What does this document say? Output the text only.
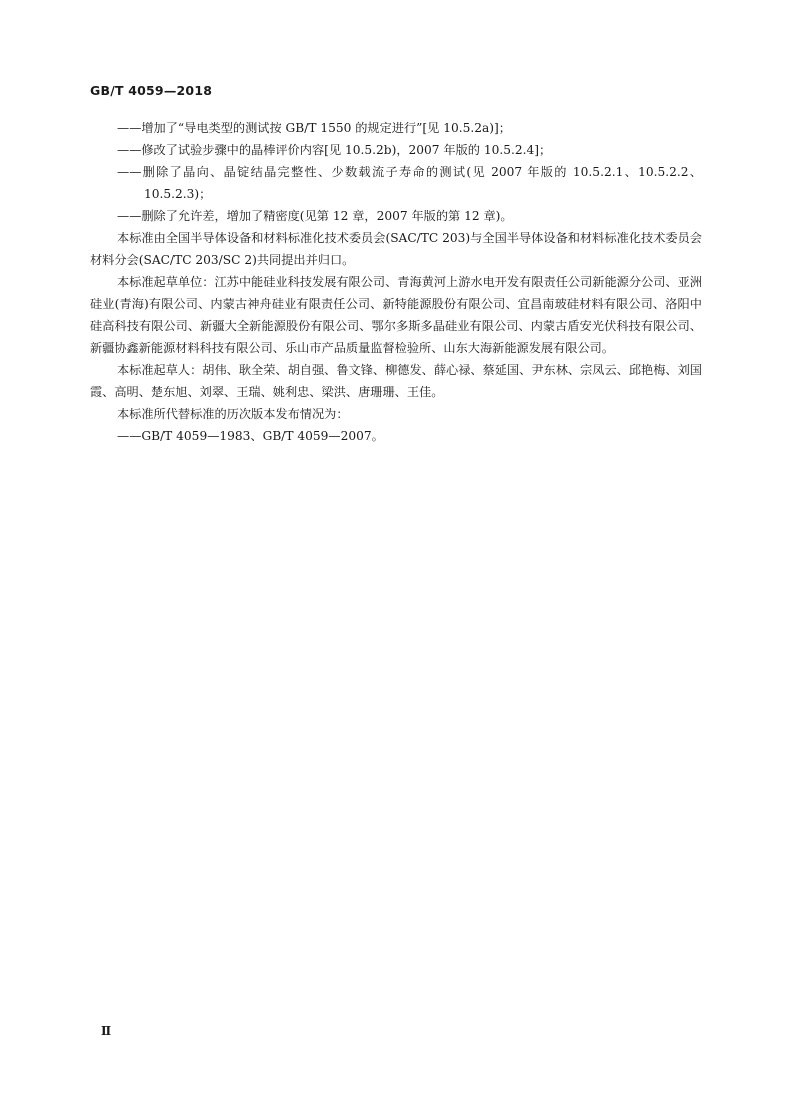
GB/T 4059—2018

——增加了“导电类型的测试按 GB/T 1550 的规定进行”[见 10.5.2a)]；

——修改了试验步骤中的晶棒评价内容[见 10.5.2b)，2007 年版的 10.5.2.4]；

——删除了晶向、晶锭结晶完整性、少数载流子寿命的测试(见 2007 年版的 10.5.2.1、10.5.2.2、10.5.2.3)；

——删除了允许差，增加了精密度(见第 12 章，2007 年版的第 12 章)。

本标准由全国半导体设备和材料标准化技术委员会(SAC/TC 203)与全国半导体设备和材料标准化技术委员会材料分会(SAC/TC 203/SC 2)共同提出并归口。

本标准起草单位：江苏中能硅业科技发展有限公司、青海黄河上游水电开发有限责任公司新能源分公司、亚洲硅业(青海)有限公司、内蒙古神舟硅业有限责任公司、新特能源股份有限公司、宜昌南玻硅材料有限公司、洛阳中硅高科技有限公司、新疆大全新能源股份有限公司、鄂尔多斯多晶硅业有限公司、内蒙古盾安光伏科技有限公司、新疆协鑫新能源材料科技有限公司、乐山市产品质量监督检验所、山东大海新能源发展有限公司。

本标准起草人：胡伟、耿全荣、胡自强、鲁文锋、柳德发、薛心禄、蔡延国、尹东林、宗凤云、邱艳梅、刘国霞、高明、楚东旭、刘翠、王瑞、姚利忠、梁洪、唐珊珊、王佳。

本标准所代替标准的历次版本发布情况为：

——GB/T 4059—1983、GB/T 4059—2007。

Ⅱ
